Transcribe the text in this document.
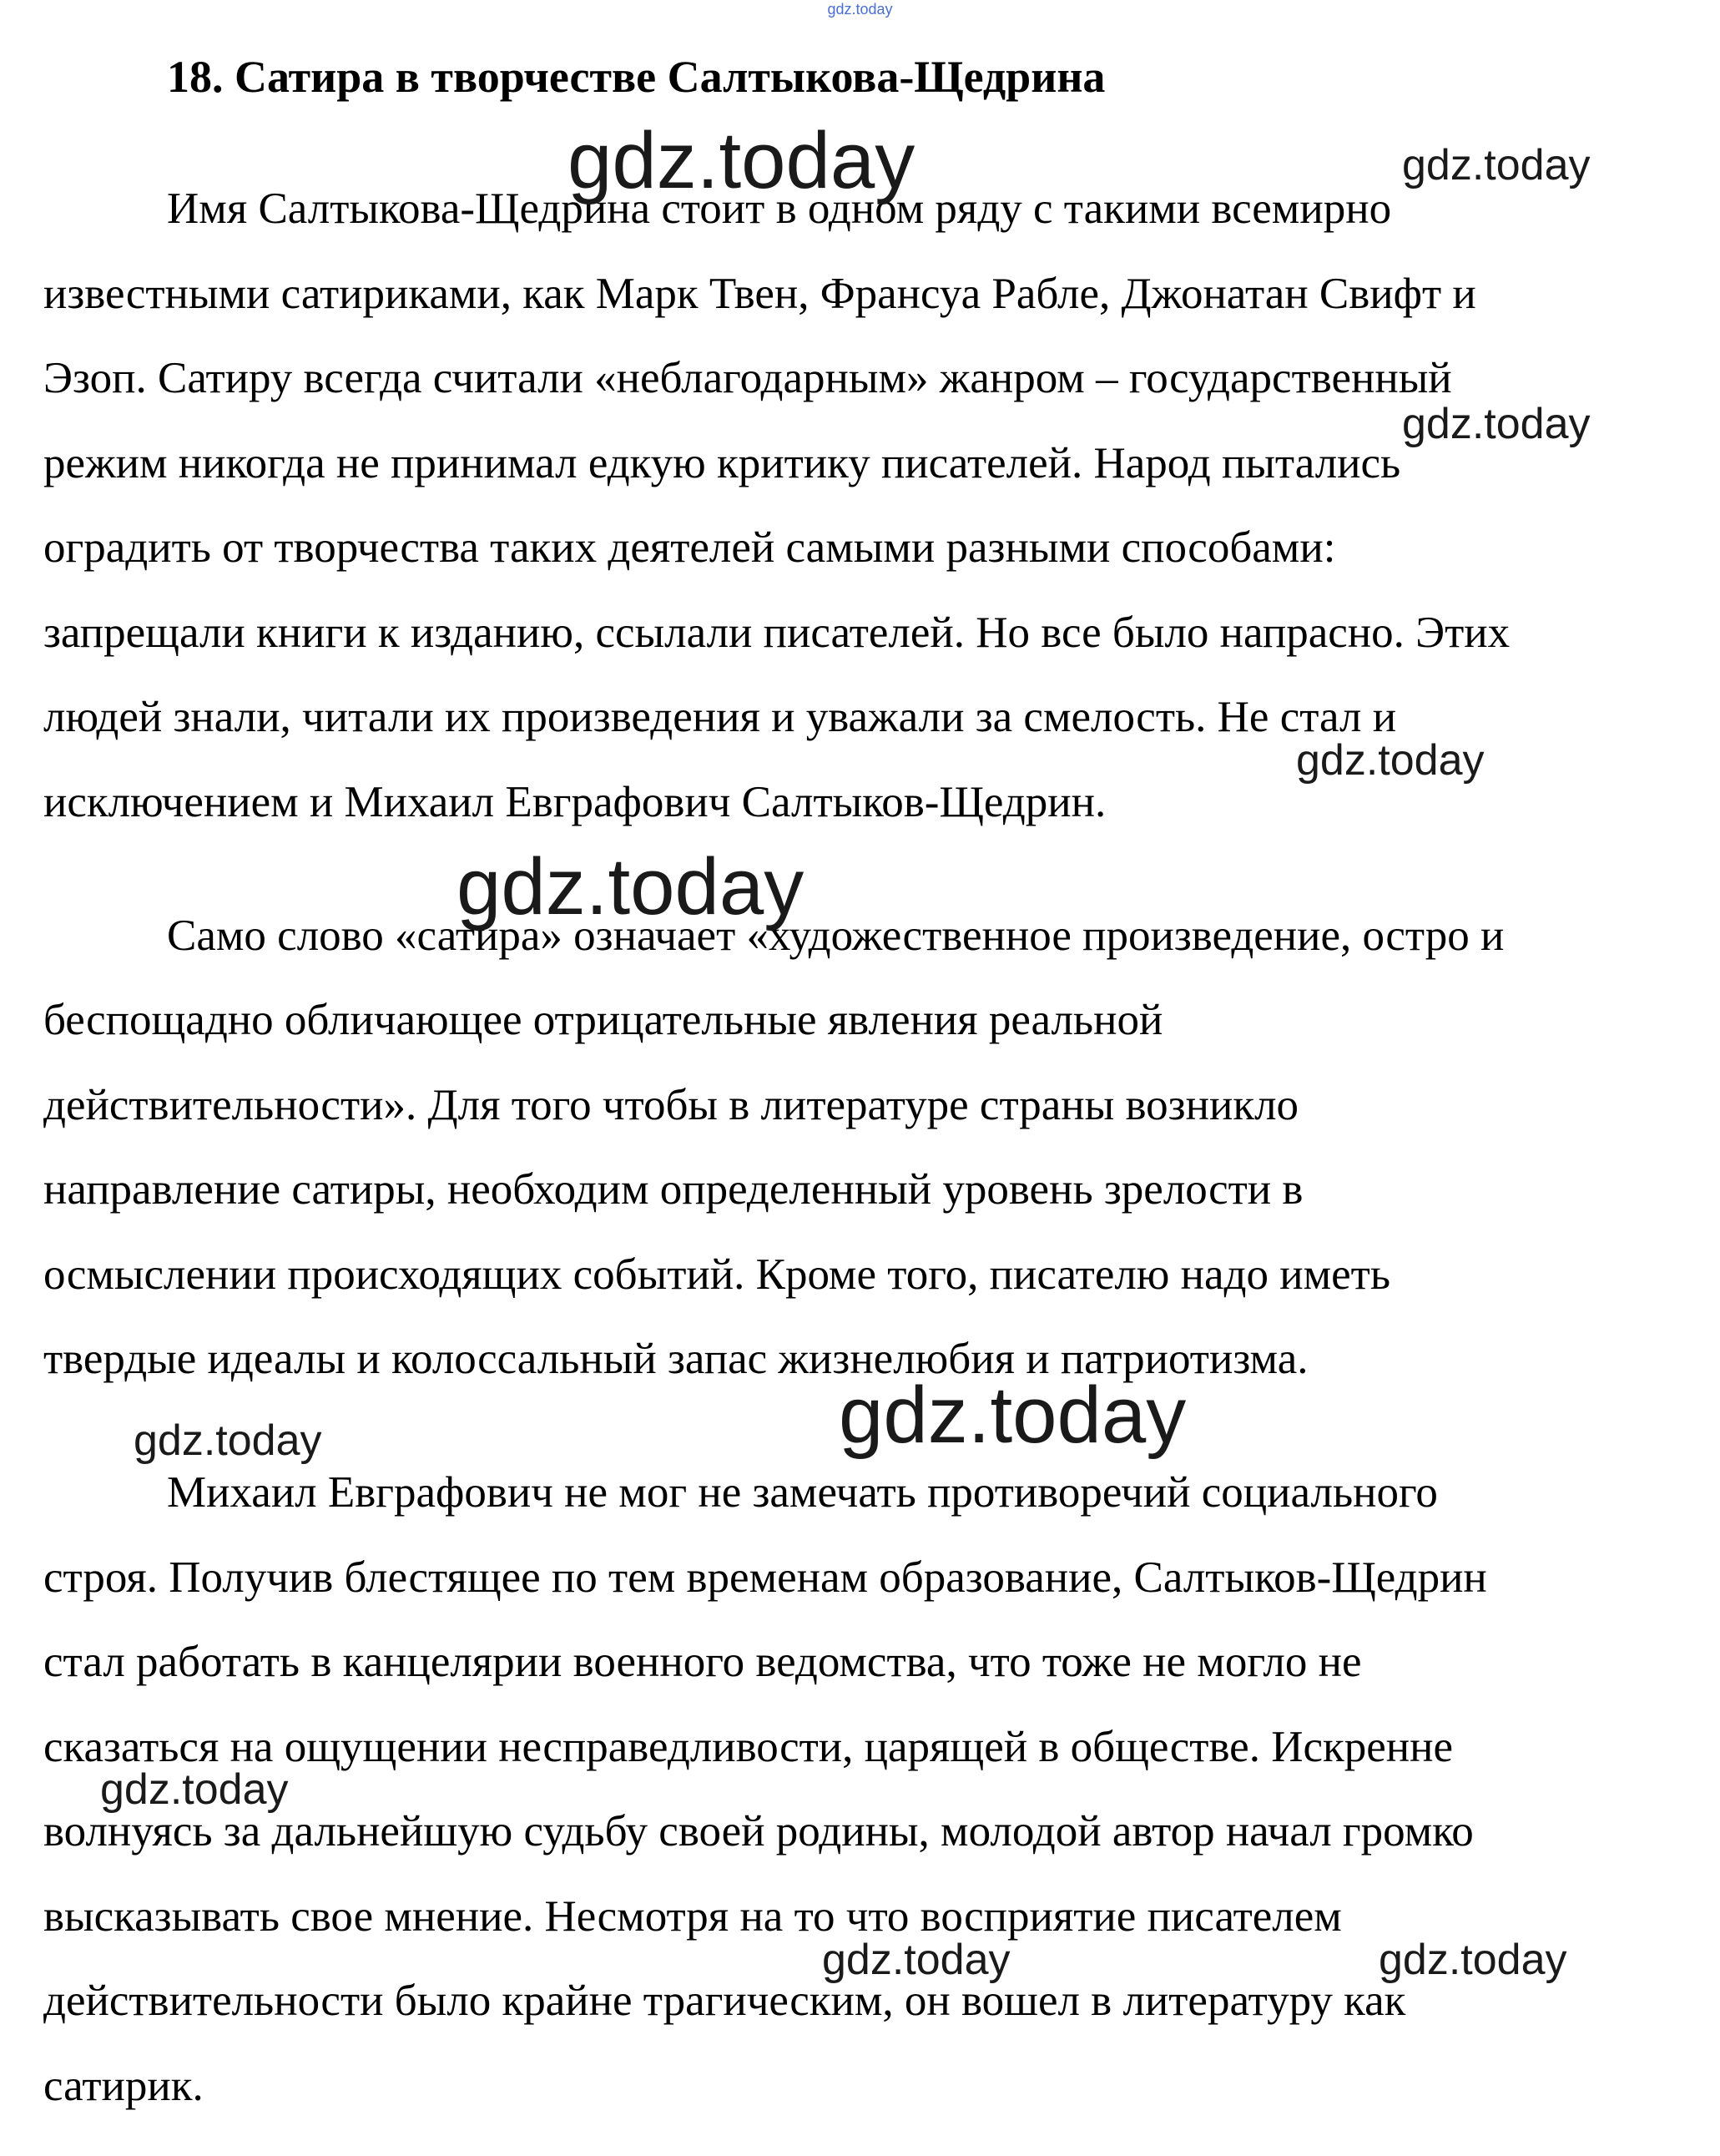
gdz.today
18. Сатира в творчестве Салтыкова-Щедрина
Имя Салтыкова-Щедрина стоит в одном ряду с такими всемирно
известными сатириками, как Марк Твен, Франсуа Рабле, Джонатан Свифт и
Эзоп. Сатиру всегда считали «неблагодарным» жанром – государственный
режим никогда не принимал едкую критику писателей. Народ пытались
оградить от творчества таких деятелей самыми разными способами:
запрещали книги к изданию, ссылали писателей. Но все было напрасно. Этих
людей знали, читали их произведения и уважали за смелость. Не стал и
исключением и Михаил Евграфович Салтыков-Щедрин.
Само слово «сатира» означает «художественное произведение, остро и
беспощадно обличающее отрицательные явления реальной
действительности». Для того чтобы в литературе страны возникло
направление сатиры, необходим определенный уровень зрелости в
осмыслении происходящих событий. Кроме того, писателю надо иметь
твердые идеалы и колоссальный запас жизнелюбия и патриотизма.
Михаил Евграфович не мог не замечать противоречий социального
строя. Получив блестящее по тем временам образование, Салтыков-Щедрин
стал работать в канцелярии военного ведомства, что тоже не могло не
сказаться на ощущении несправедливости, царящей в обществе. Искренне
волнуясь за дальнейшую судьбу своей родины, молодой автор начал громко
высказывать свое мнение. Несмотря на то что восприятие писателем
действительности было крайне трагическим, он вошел в литературу как
сатирик.
gdz.today	gdz.today
gdz.today
gdz.today
gdz.today
gdz.today
gdz.today
gdz.today
gdz.today	gdz.today
